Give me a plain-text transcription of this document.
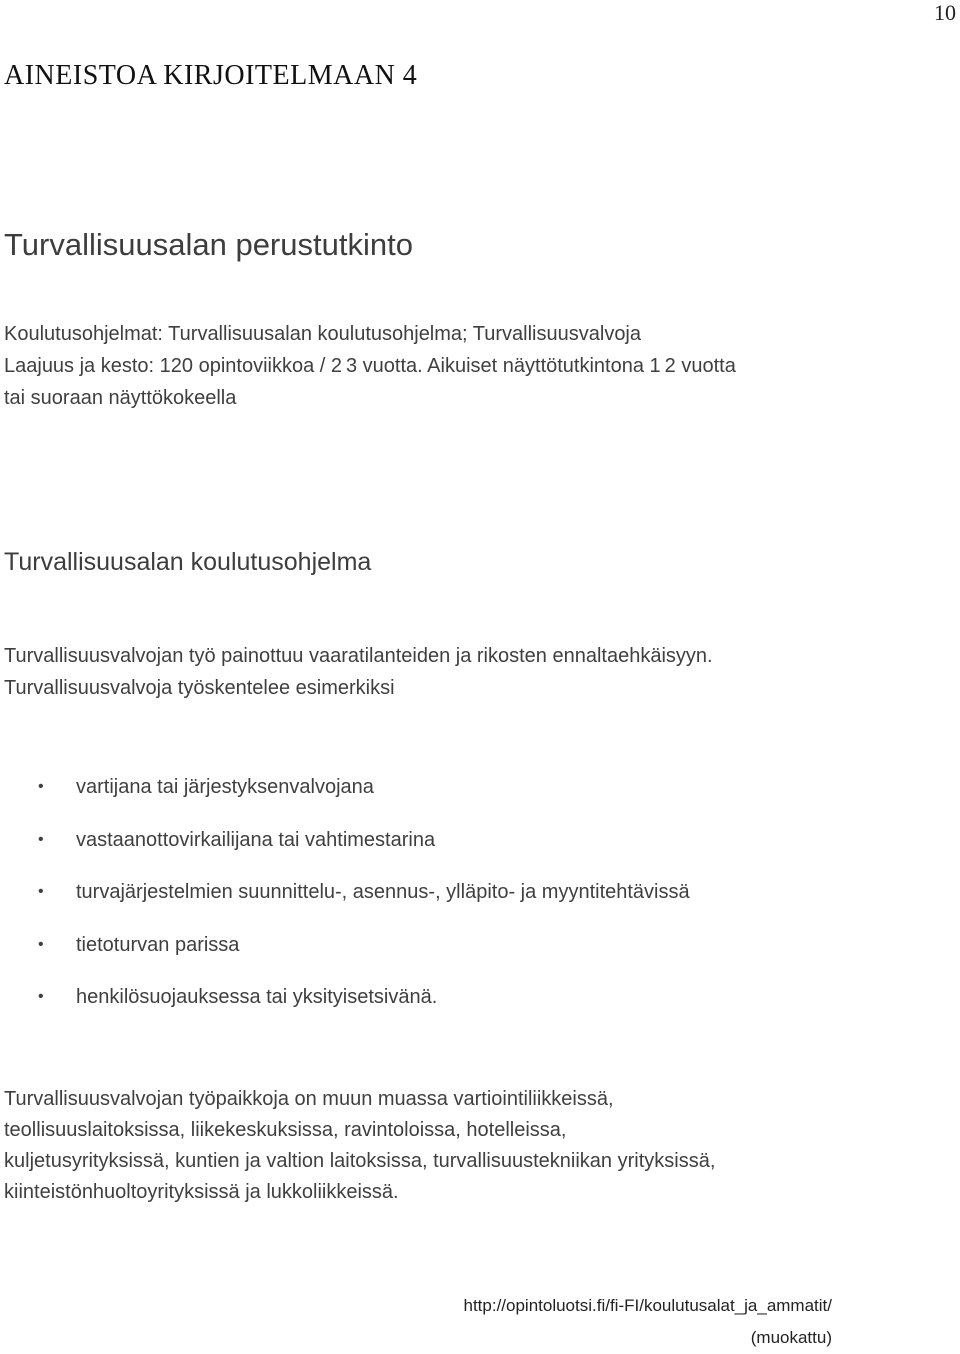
10
AINEISTOA KIRJOITELMAAN 4
Turvallisuusalan perustutkinto
Koulutusohjelmat: Turvallisuusalan koulutusohjelma; Turvallisuusvalvoja
Laajuus ja kesto: 120 opintoviikkoa / 2 3 vuotta. Aikuiset näyttötutkintona 1 2 vuotta
tai suoraan näyttökokeella
Turvallisuusalan koulutusohjelma
Turvallisuusvalvojan työ painottuu vaaratilanteiden ja rikosten ennaltaehkäisyyn.
Turvallisuusvalvoja työskentelee esimerkiksi
• vartijana tai järjestyksenvalvojana
• vastaanottovirkailijana tai vahtimestarina
• turvajärjestelmien suunnittelu-, asennus-, ylläpito- ja myyntitehtävissä
• tietoturvan parissa
• henkilösuojauksessa tai yksityisetsivänä.
Turvallisuusvalvojan työpaikkoja on muun muassa vartiointiliikkeissä,
teollisuuslaitoksissa, liikekeskuksissa, ravintoloissa, hotelleissa,
kuljetusyrityksissä, kuntien ja valtion laitoksissa, turvallisuustekniikan yrityksissä,
kiinteistönhuoltoyrityksissä ja lukkoliikkeissä.
http://opintoluotsi.fi/fi-FI/koulutusalat_ja_ammatit/
(muokattu)
